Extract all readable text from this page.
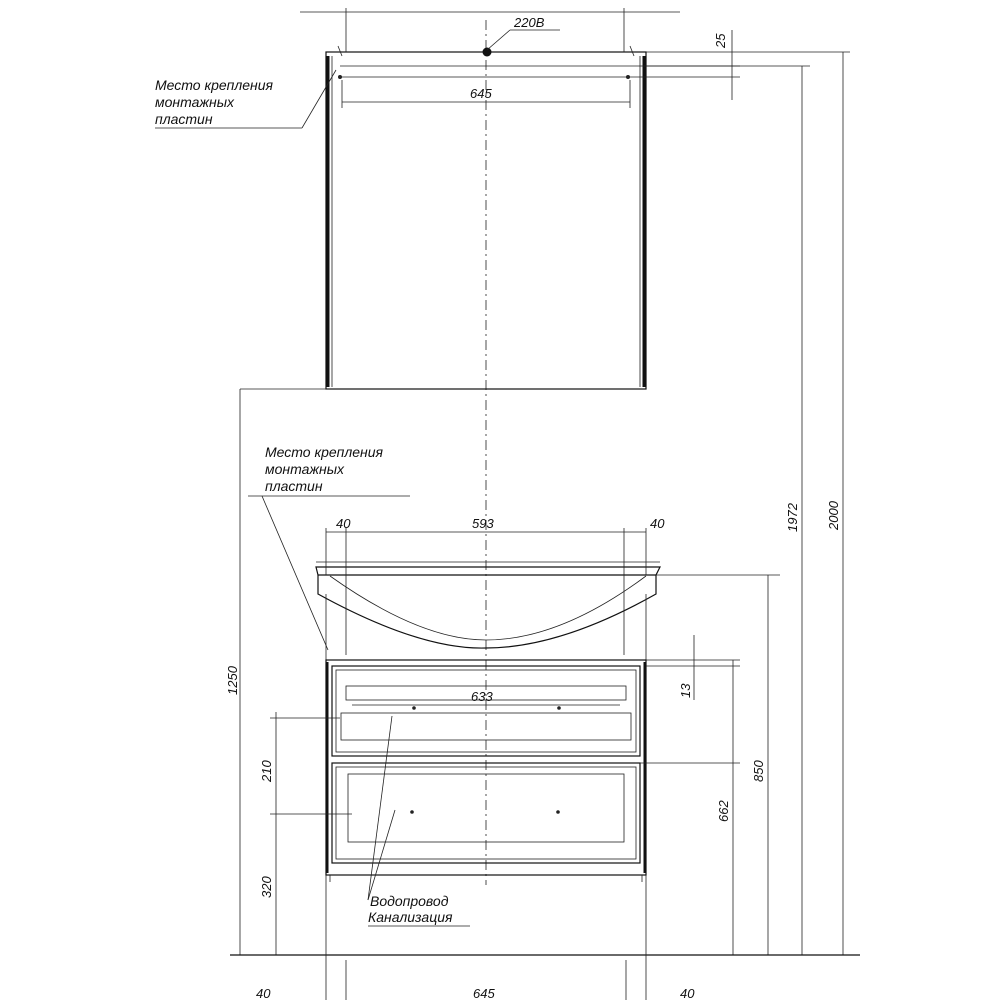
220В
25
645
Место крепления
монтажных
пластин
Место крепления
монтажных
пластин
40	593	40
633	13
662
850
1972 2000
1250
210
320
Водопровод
Канализация
40	645	40
